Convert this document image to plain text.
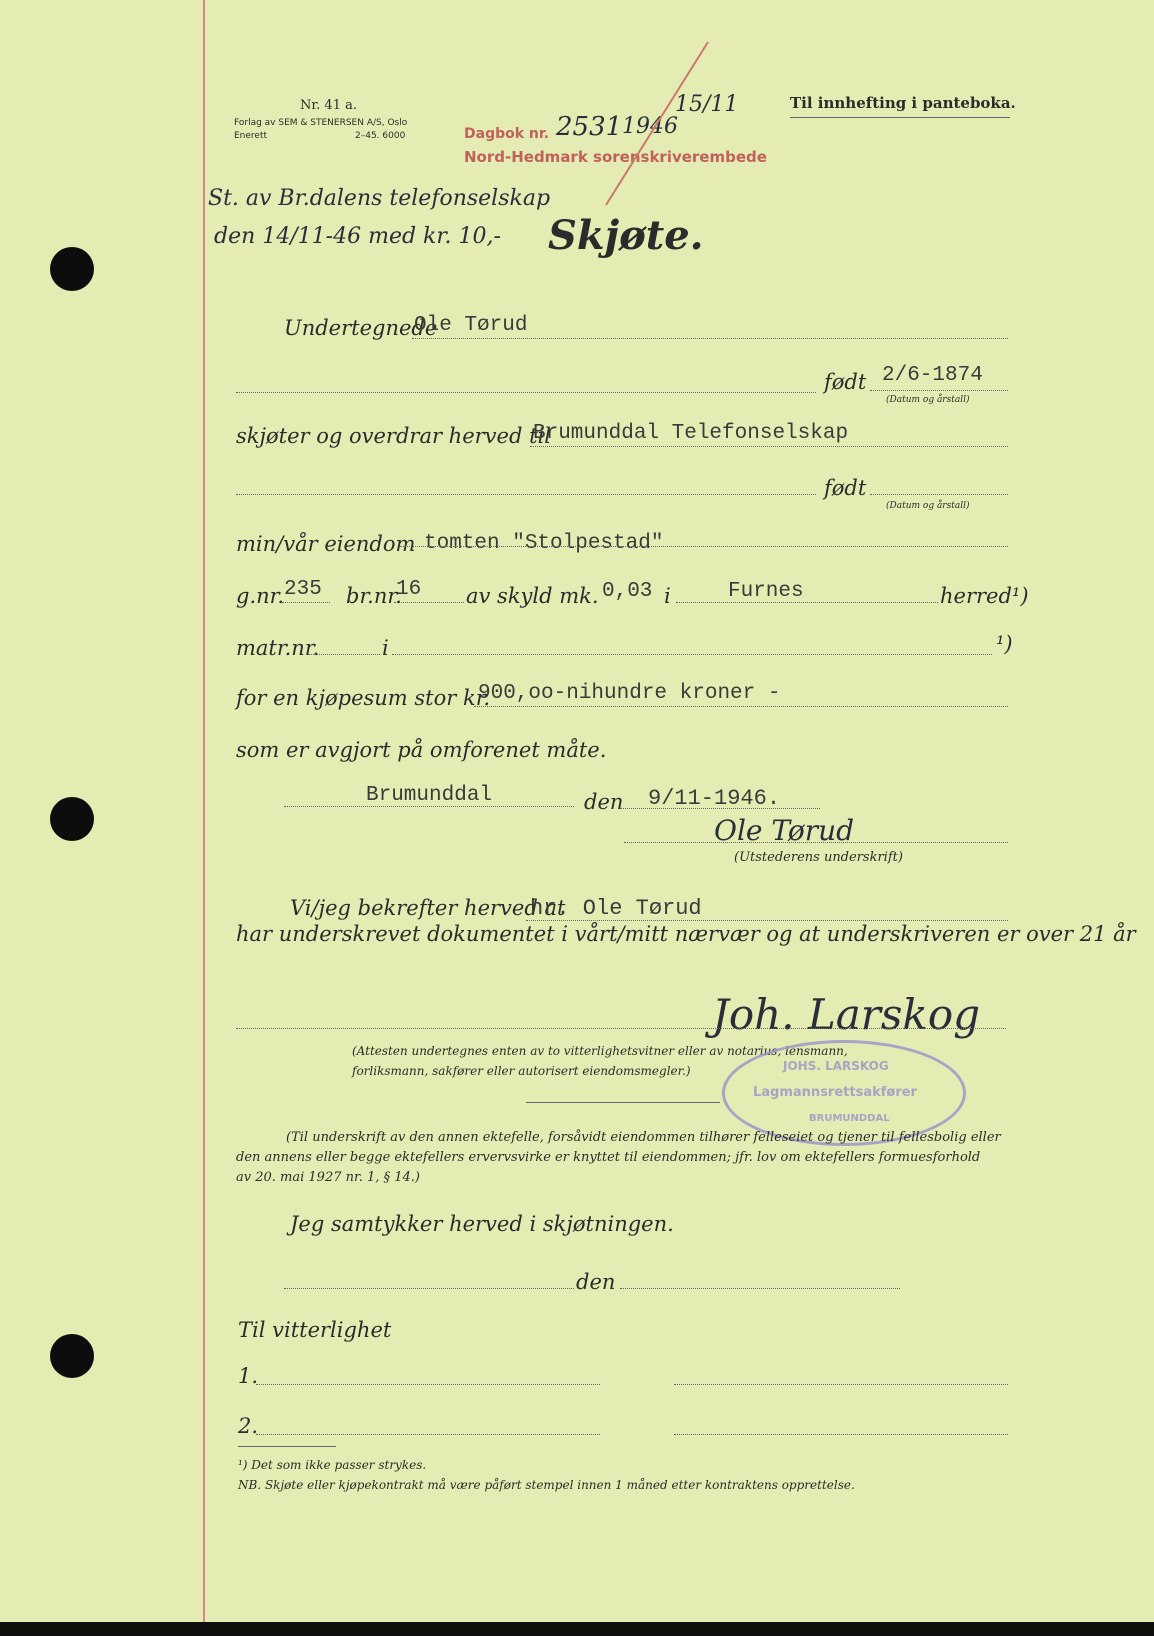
Nr. 41 a.
Forlag av SEM & STENERSEN A/S, Oslo
Enerett	2–45. 6000	Dagbok nr. 2531 1946
15/11
Nord-Hedmark sorenskriverembede
Til innhefting i panteboka.
St. av Br.dalens telefonselskap
den 14/11-46 med kr. 10,- Skjøte.
Undertegnede
Ole Tørud
født 2/6-1874
(Datum og årstall)
skjøter og overdrar herved til
Brumunddal Telefonselskap
født
(Datum og årstall)
min/vår eiendom tomten "Stolpestad"
g.nr. 235 br.nr.
16 av skyld mk. 0,03 i	Furnes	herred¹)
matr.nr.	i	¹)
for en kjøpesum stor kr.
900,oo-nihundre kroner -
som er avgjort på omforenet måte.
Brumunddal	den 9/11-1946.
Ole Tørud
(Utstederens underskrift)
Vi/jeg bekrefter herved at
hr. Ole Tørud
har underskrevet dokumentet i vårt/mitt nærvær og at underskriveren er over 21 år
Joh. Larskog
(Attesten undertegnes enten av to vitterlighetsvitner eller av notarius, lensmann,
forliksmann, sakfører eller autorisert eiendomsmegler.)	JOHS. LARSKOG
Lagmannsrettsakfører
BRUMUNDDAL
(Til underskrift av den annen ektefelle, forsåvidt eiendommen tilhører felleseiet og tjener til fellesbolig eller
den annens eller begge ektefellers ervervsvirke er knyttet til eiendommen; jfr. lov om ektefellers formuesforhold
av 20. mai 1927 nr. 1, § 14.)
Jeg samtykker herved i skjøtningen.
den
Til vitterlighet
1.
2.
¹) Det som ikke passer strykes.
NB. Skjøte eller kjøpekontrakt må være påført stempel innen 1 måned etter kontraktens opprettelse.
